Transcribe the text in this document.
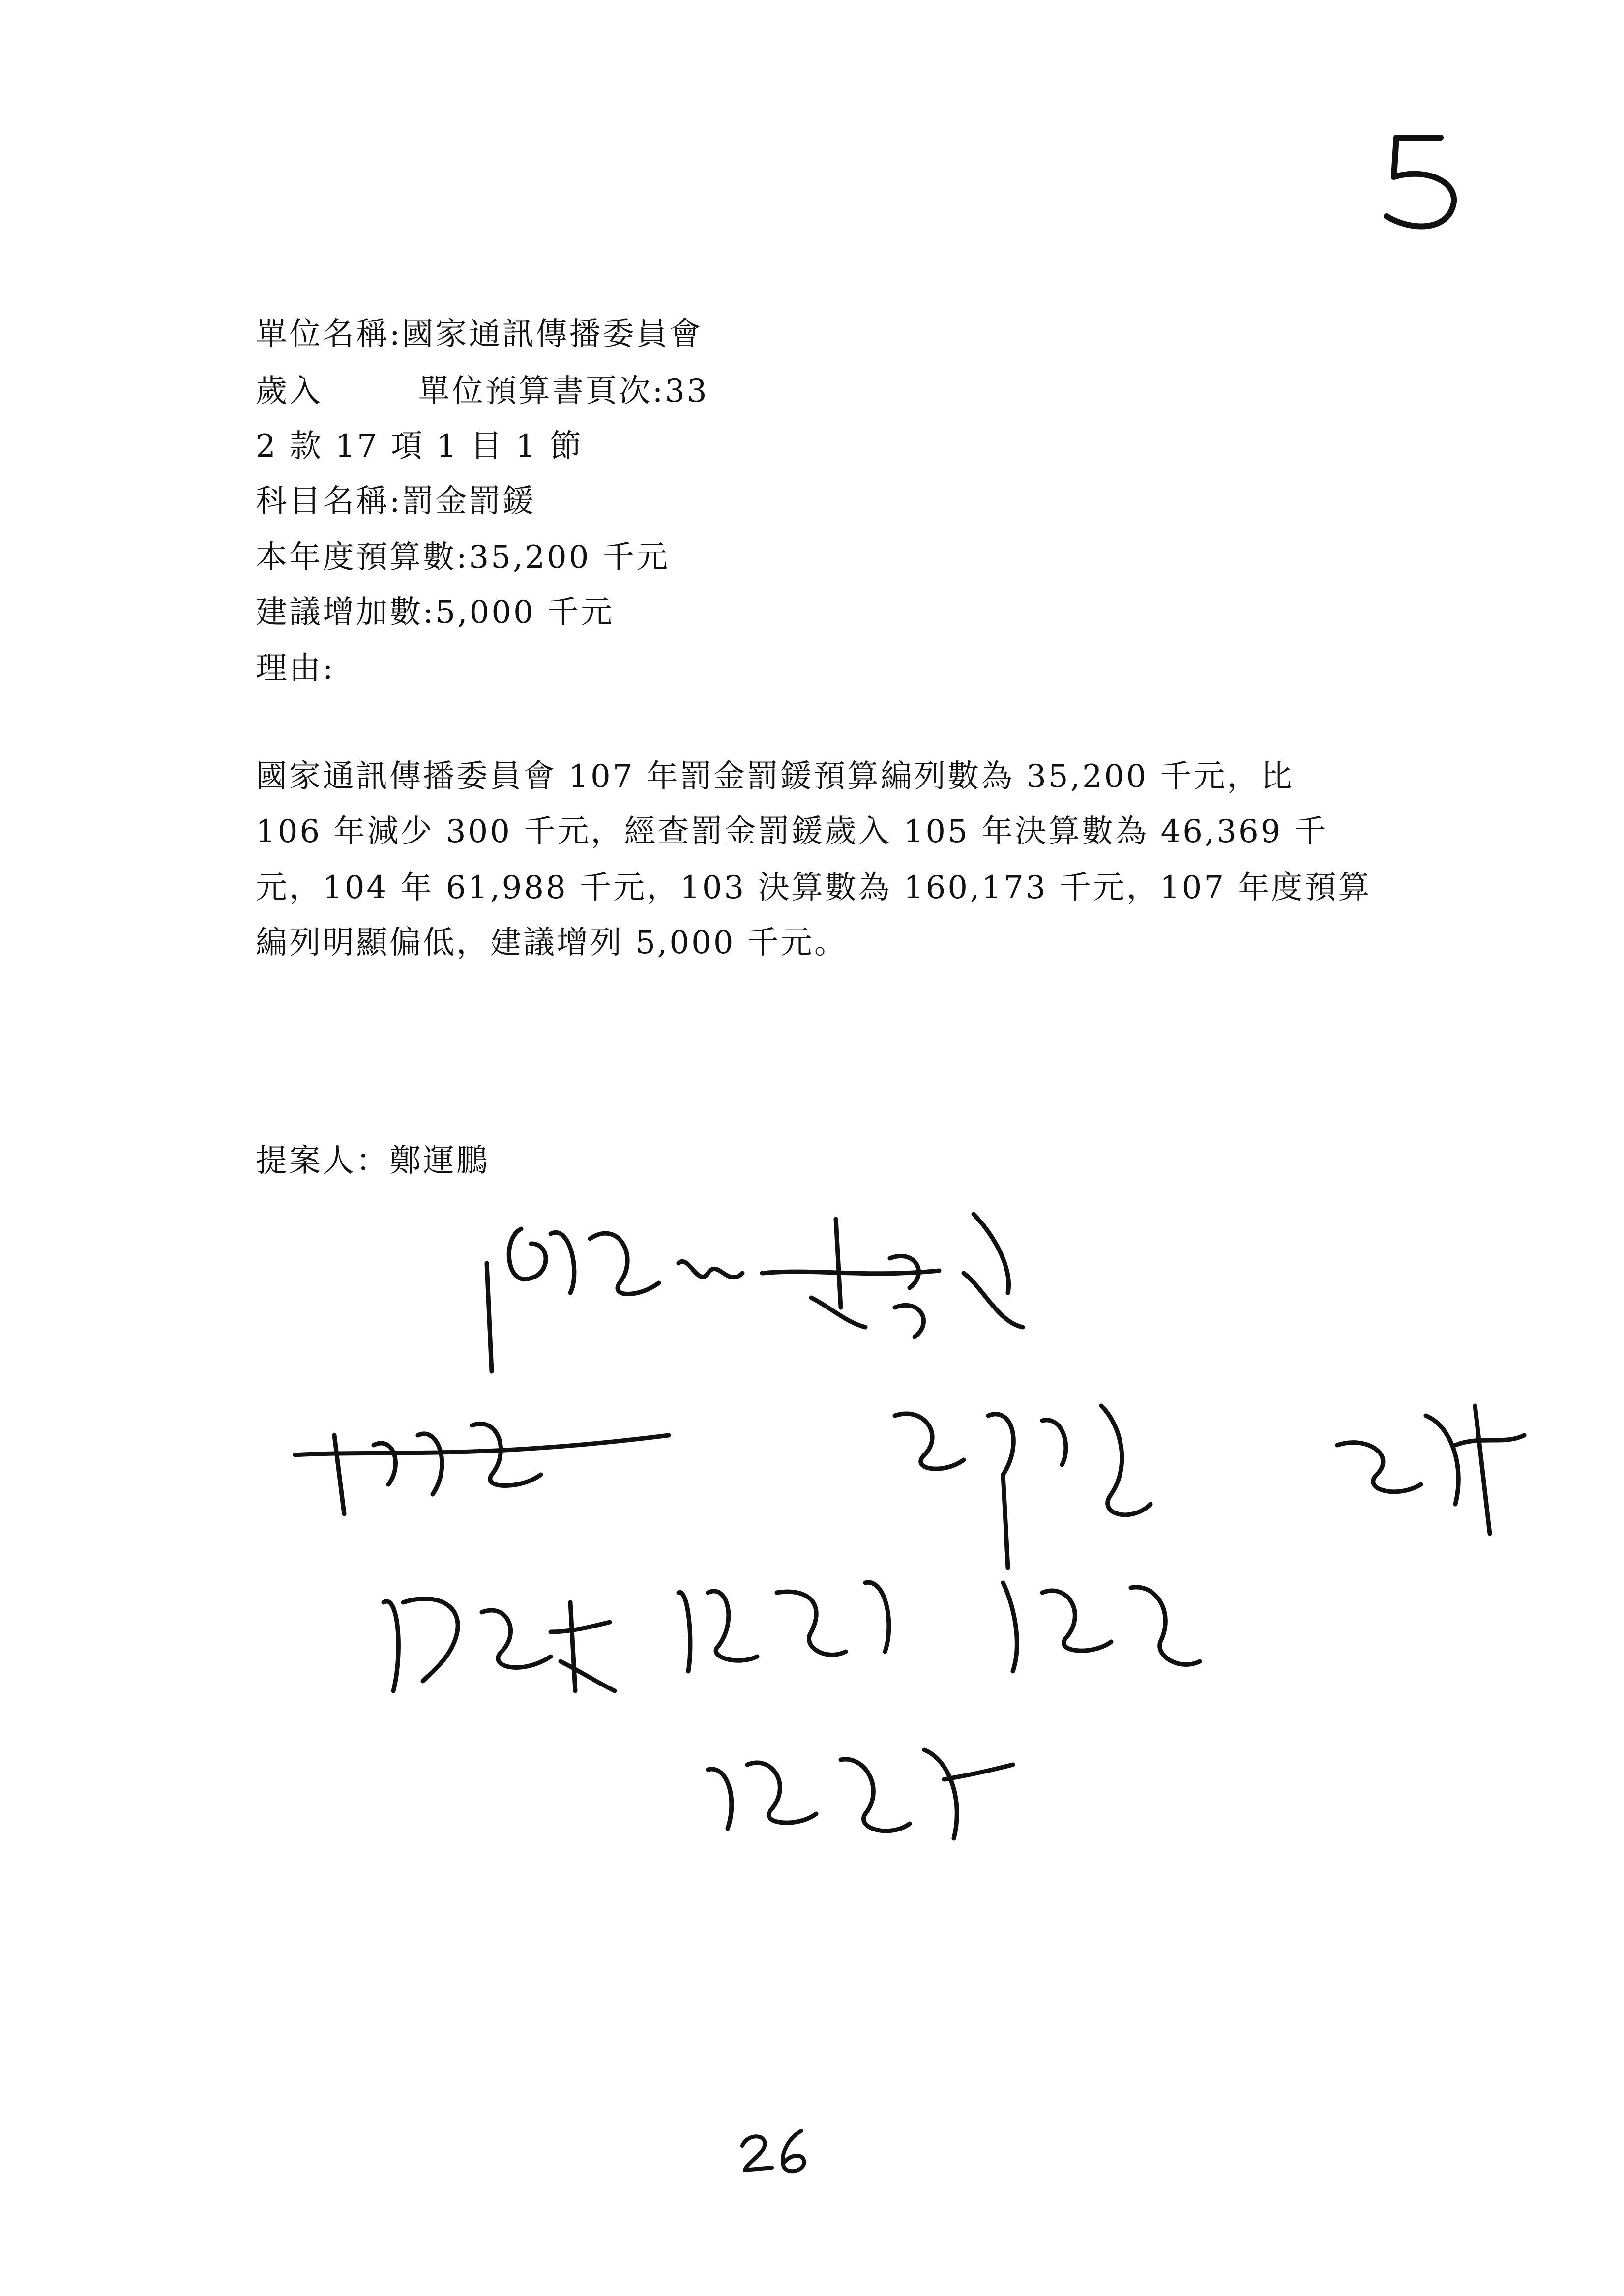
單位名稱:國家通訊傳播委員會
歲入        單位預算書頁次:33
2 款 17 項 1 目 1 節
科目名稱:罰金罰鍰
本年度預算數:35,200 千元
建議增加數:5,000 千元
理由:
國家通訊傳播委員會 107 年罰金罰鍰預算編列數為 35,200 千元，比
106 年減少 300 千元，經查罰金罰鍰歲入 105 年決算數為 46,369 千
元，104 年 61,988 千元，103 決算數為 160,173 千元，107 年度預算
編列明顯偏低，建議增列 5,000 千元。
提案人：鄭運鵬
